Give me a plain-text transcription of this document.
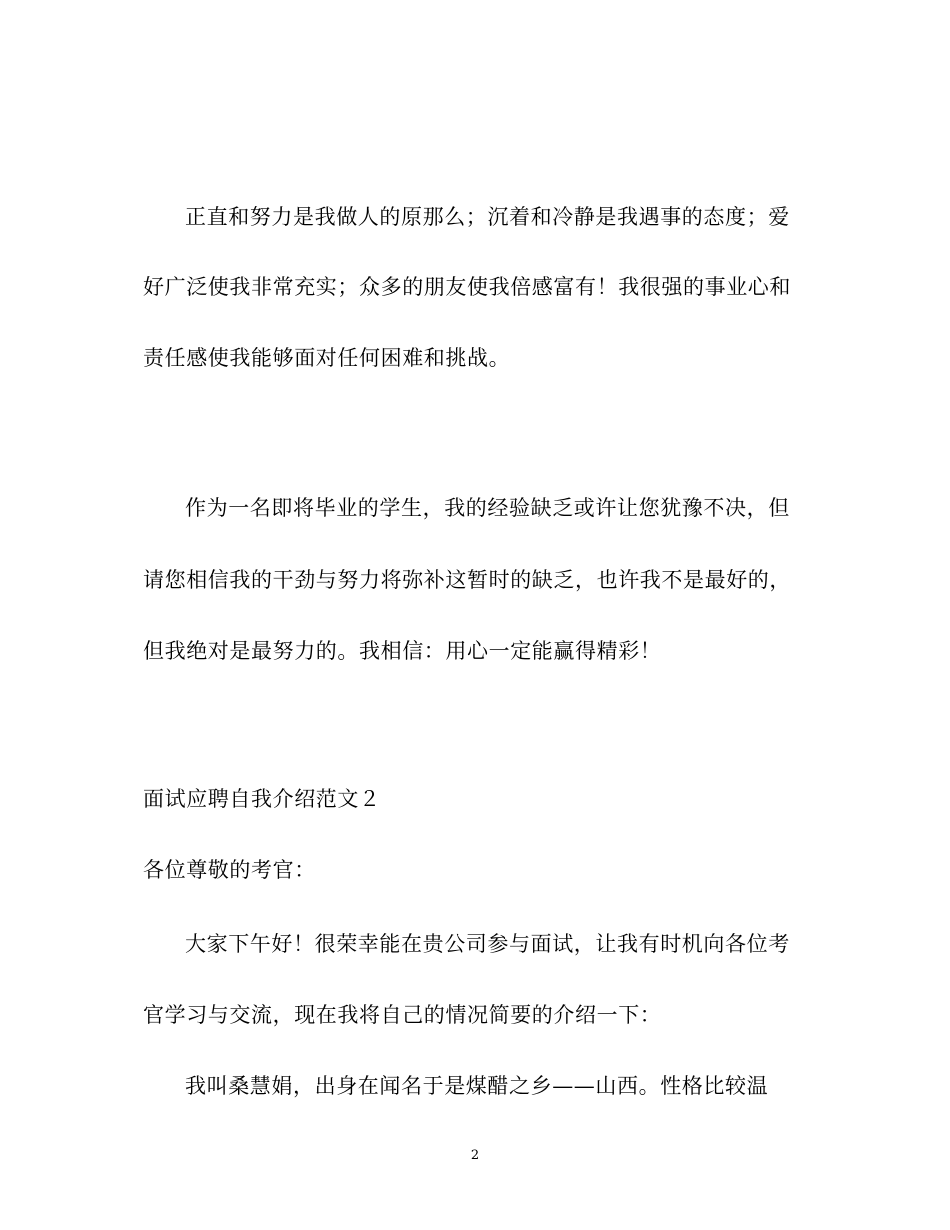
正直和努力是我做人的原那么；沉着和冷静是我遇事的态度；爱
好广泛使我非常充实；众多的朋友使我倍感富有！我很强的事业心和
责任感使我能够面对任何困难和挑战。
作为一名即将毕业的学生，我的经验缺乏或许让您犹豫不决，但
请您相信我的干劲与努力将弥补这暂时的缺乏，也许我不是最好的，
但我绝对是最努力的。我相信：用心一定能赢得精彩！
面试应聘自我介绍范文２
各位尊敬的考官：
大家下午好！很荣幸能在贵公司参与面试，让我有时机向各位考
官学习与交流，现在我将自己的情况简要的介绍一下：
我叫桑慧娟，出身在闻名于是煤醋之乡——山西。性格比较温
2
